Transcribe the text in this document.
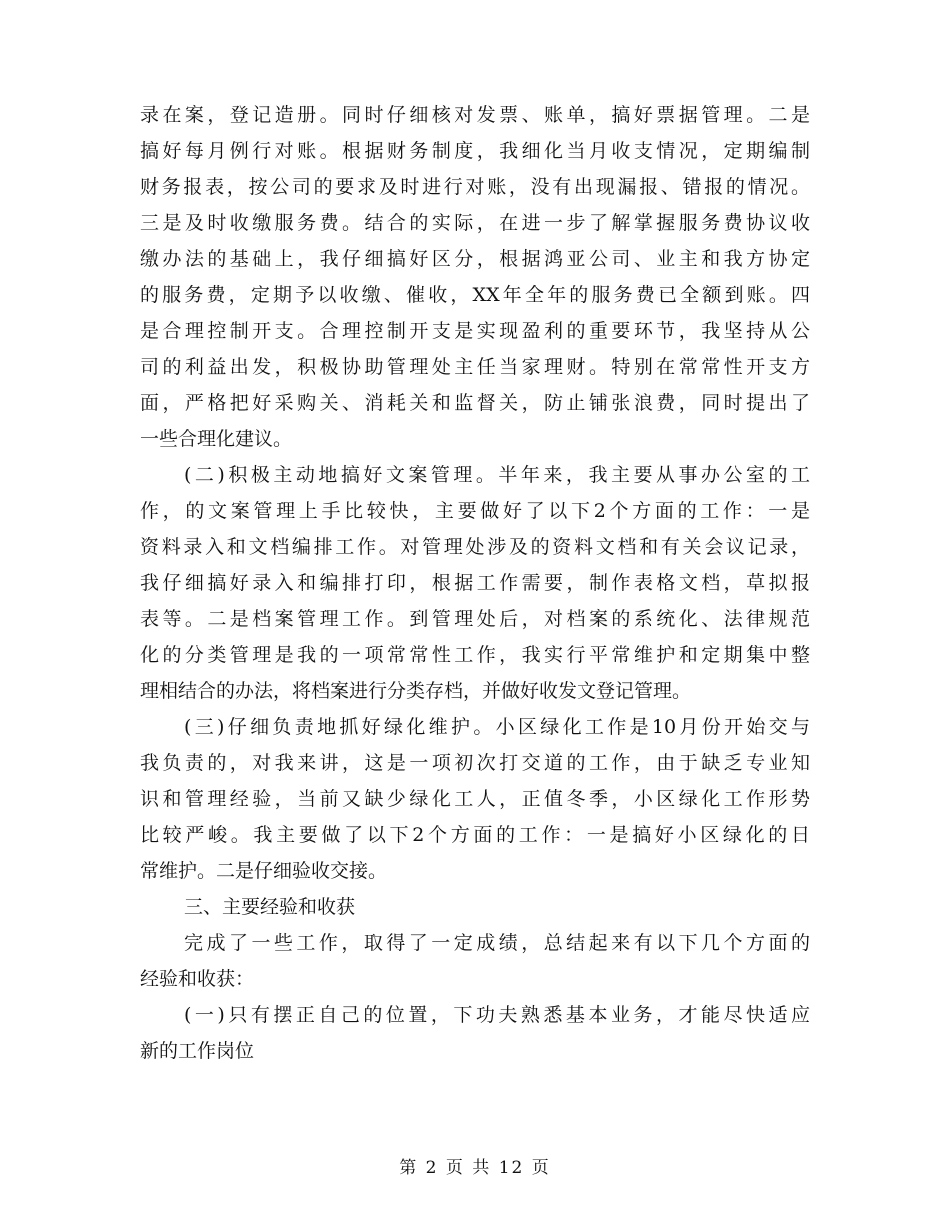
录在案，登记造册。同时仔细核对发票、账单，搞好票据管理。二是
搞好每月例行对账。根据财务制度，我细化当月收支情况，定期编制
财务报表，按公司的要求及时进行对账，没有出现漏报、错报的情况。
三是及时收缴服务费。结合的实际，在进一步了解掌握服务费协议收
缴办法的基础上，我仔细搞好区分，根据鸿亚公司、业主和我方协定
的服务费，定期予以收缴、催收，XX年全年的服务费已全额到账。四
是合理控制开支。合理控制开支是实现盈利的重要环节，我坚持从公
司的利益出发，积极协助管理处主任当家理财。特别在常常性开支方
面，严格把好采购关、消耗关和监督关，防止铺张浪费，同时提出了
一些合理化建议。
(二)积极主动地搞好文案管理。半年来，我主要从事办公室的工
作，的文案管理上手比较快，主要做好了以下2个方面的工作：一是
资料录入和文档编排工作。对管理处涉及的资料文档和有关会议记录，
我仔细搞好录入和编排打印，根据工作需要，制作表格文档，草拟报
表等。二是档案管理工作。到管理处后，对档案的系统化、法律规范
化的分类管理是我的一项常常性工作，我实行平常维护和定期集中整
理相结合的办法，将档案进行分类存档，并做好收发文登记管理。
(三)仔细负责地抓好绿化维护。小区绿化工作是10月份开始交与
我负责的，对我来讲，这是一项初次打交道的工作，由于缺乏专业知
识和管理经验，当前又缺少绿化工人，正值冬季，小区绿化工作形势
比较严峻。我主要做了以下2个方面的工作：一是搞好小区绿化的日
常维护。二是仔细验收交接。
三、主要经验和收获
完成了一些工作，取得了一定成绩，总结起来有以下几个方面的
经验和收获：
(一)只有摆正自己的位置，下功夫熟悉基本业务，才能尽快适应
新的工作岗位
第 2 页 共 12 页
